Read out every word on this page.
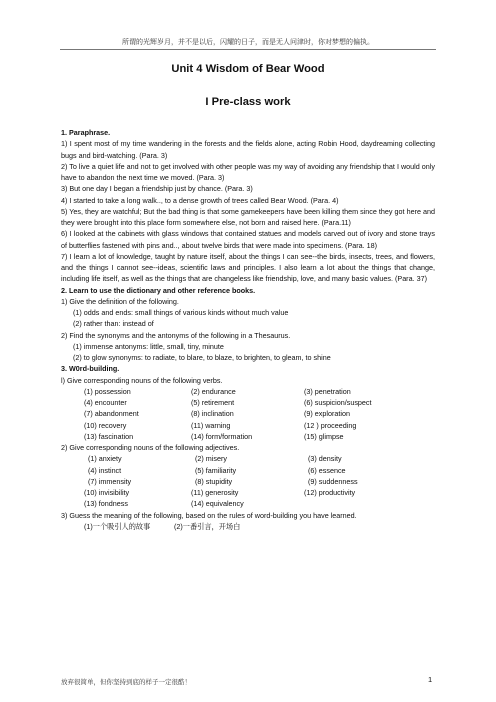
所谓的光辉岁月，并不是以后，闪耀的日子，而是无人问津时，你对梦想的偏执。
Unit 4 Wisdom of Bear Wood
I Pre-class work

1. Paraphrase.

1) I spent most of my time wandering in the forests and the fields alone, acting Robin Hood, daydreaming collecting bugs and bird-watching. (Para. 3)

2) To live a quiet life and not to get involved with other people was my way of avoiding any friendship that I would only have to abandon the next time we moved. (Para. 3)

3) But one day I began a friendship just by chance. (Para. 3)

4) I started to take a long walk.., to a dense growth of trees called Bear Wood. (Para. 4)

5) Yes, they are watchful; But the bad thing is that some gamekeepers have been killing them since they got here and they were brought into this place form somewhere else, not born and raised here. (Para.11)

6) I looked at the cabinets with glass windows that contained statues and models carved out of ivory and stone trays of butterflies fastened with pins and.., about twelve birds that were made into specimens. (Para. 18)

7) I learn a lot of knowledge, taught by nature itself, about the things I can see--the birds, insects, trees, and flowers, and the things I cannot see--ideas, scientific laws and principles. I also learn a lot about the things that change, including life itself, as well as the things that are changeless like friendship, love, and many basic values. (Para. 37)

2. Learn to use the dictionary and other reference books.

1) Give the definition of the following.

(1) odds and ends: small things of various kinds without much value

(2) rather than: instead of

2) Find the synonyms and the antonyms of the following in a Thesaurus.

(1) immense antonyms: little, small, tiny, minute

(2) to glow synonyms: to radiate, to blare, to blaze, to brighten, to gleam, to shine

3. W0rd-building.

l) Give corresponding nouns of the following verbs.

(1) possession	(2) endurance	(3) penetration
(4) encounter	(5) retirement	(6) suspicion/suspect
(7) abandonment	(8) inclination	(9) exploration
(10) recovery	(11) warning	(12 ) proceeding
(13) fascination	(14) form/formation	(15) glimpse

2) Give corresponding nouns of the following adjectives.

(1) anxiety	(2) misery	(3) density
(4) instinct	(5) familiarity	(6) essence
(7) immensity	(8) stupidity	(9) suddenness
(10) invisibility	(11) generosity	(12) productivity
(13) fondness	(14) equivalency

3) Guess the meaning of the following, based on the rules of word-building you have learned.

(1)一个吸引人的故事	(2)一番引言，开场白
放弃很简单，但你坚持到底的样子一定很酷！	1
